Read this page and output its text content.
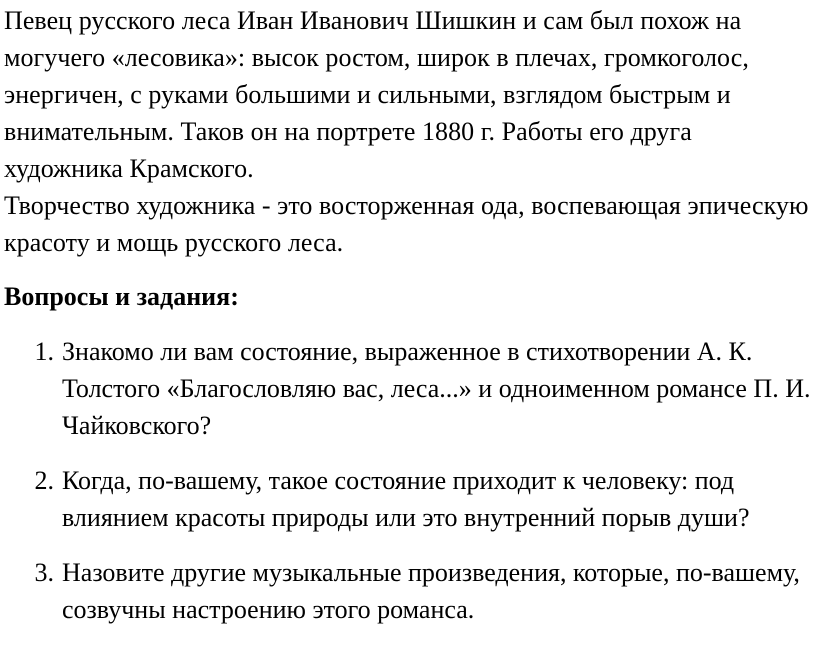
Певец русского леса Иван Иванович Шишкин и сам был похож на могучего «лесовика»: высок ростом, широк в плечах, громкоголос, энергичен, с руками большими и сильными, взглядом быстрым и внимательным. Таков он на портрете 1880 г. Работы его друга художника Крамского.

Творчество художника - это восторженная ода, воспевающая эпическую красоту и мощь русского леса.

Вопросы и задания:
1. Знакомо ли вам состояние, выраженное в стихотворении А. К. Толстого «Благословляю вас, леса...» и одноименном романсе П. И. Чайковского?
2. Когда, по-вашему, такое состояние приходит к человеку: под влиянием красоты природы или это внутренний порыв души?
3. Назовите другие музыкальные произведения, которые, по-вашему, созвучны настроению этого романса.
